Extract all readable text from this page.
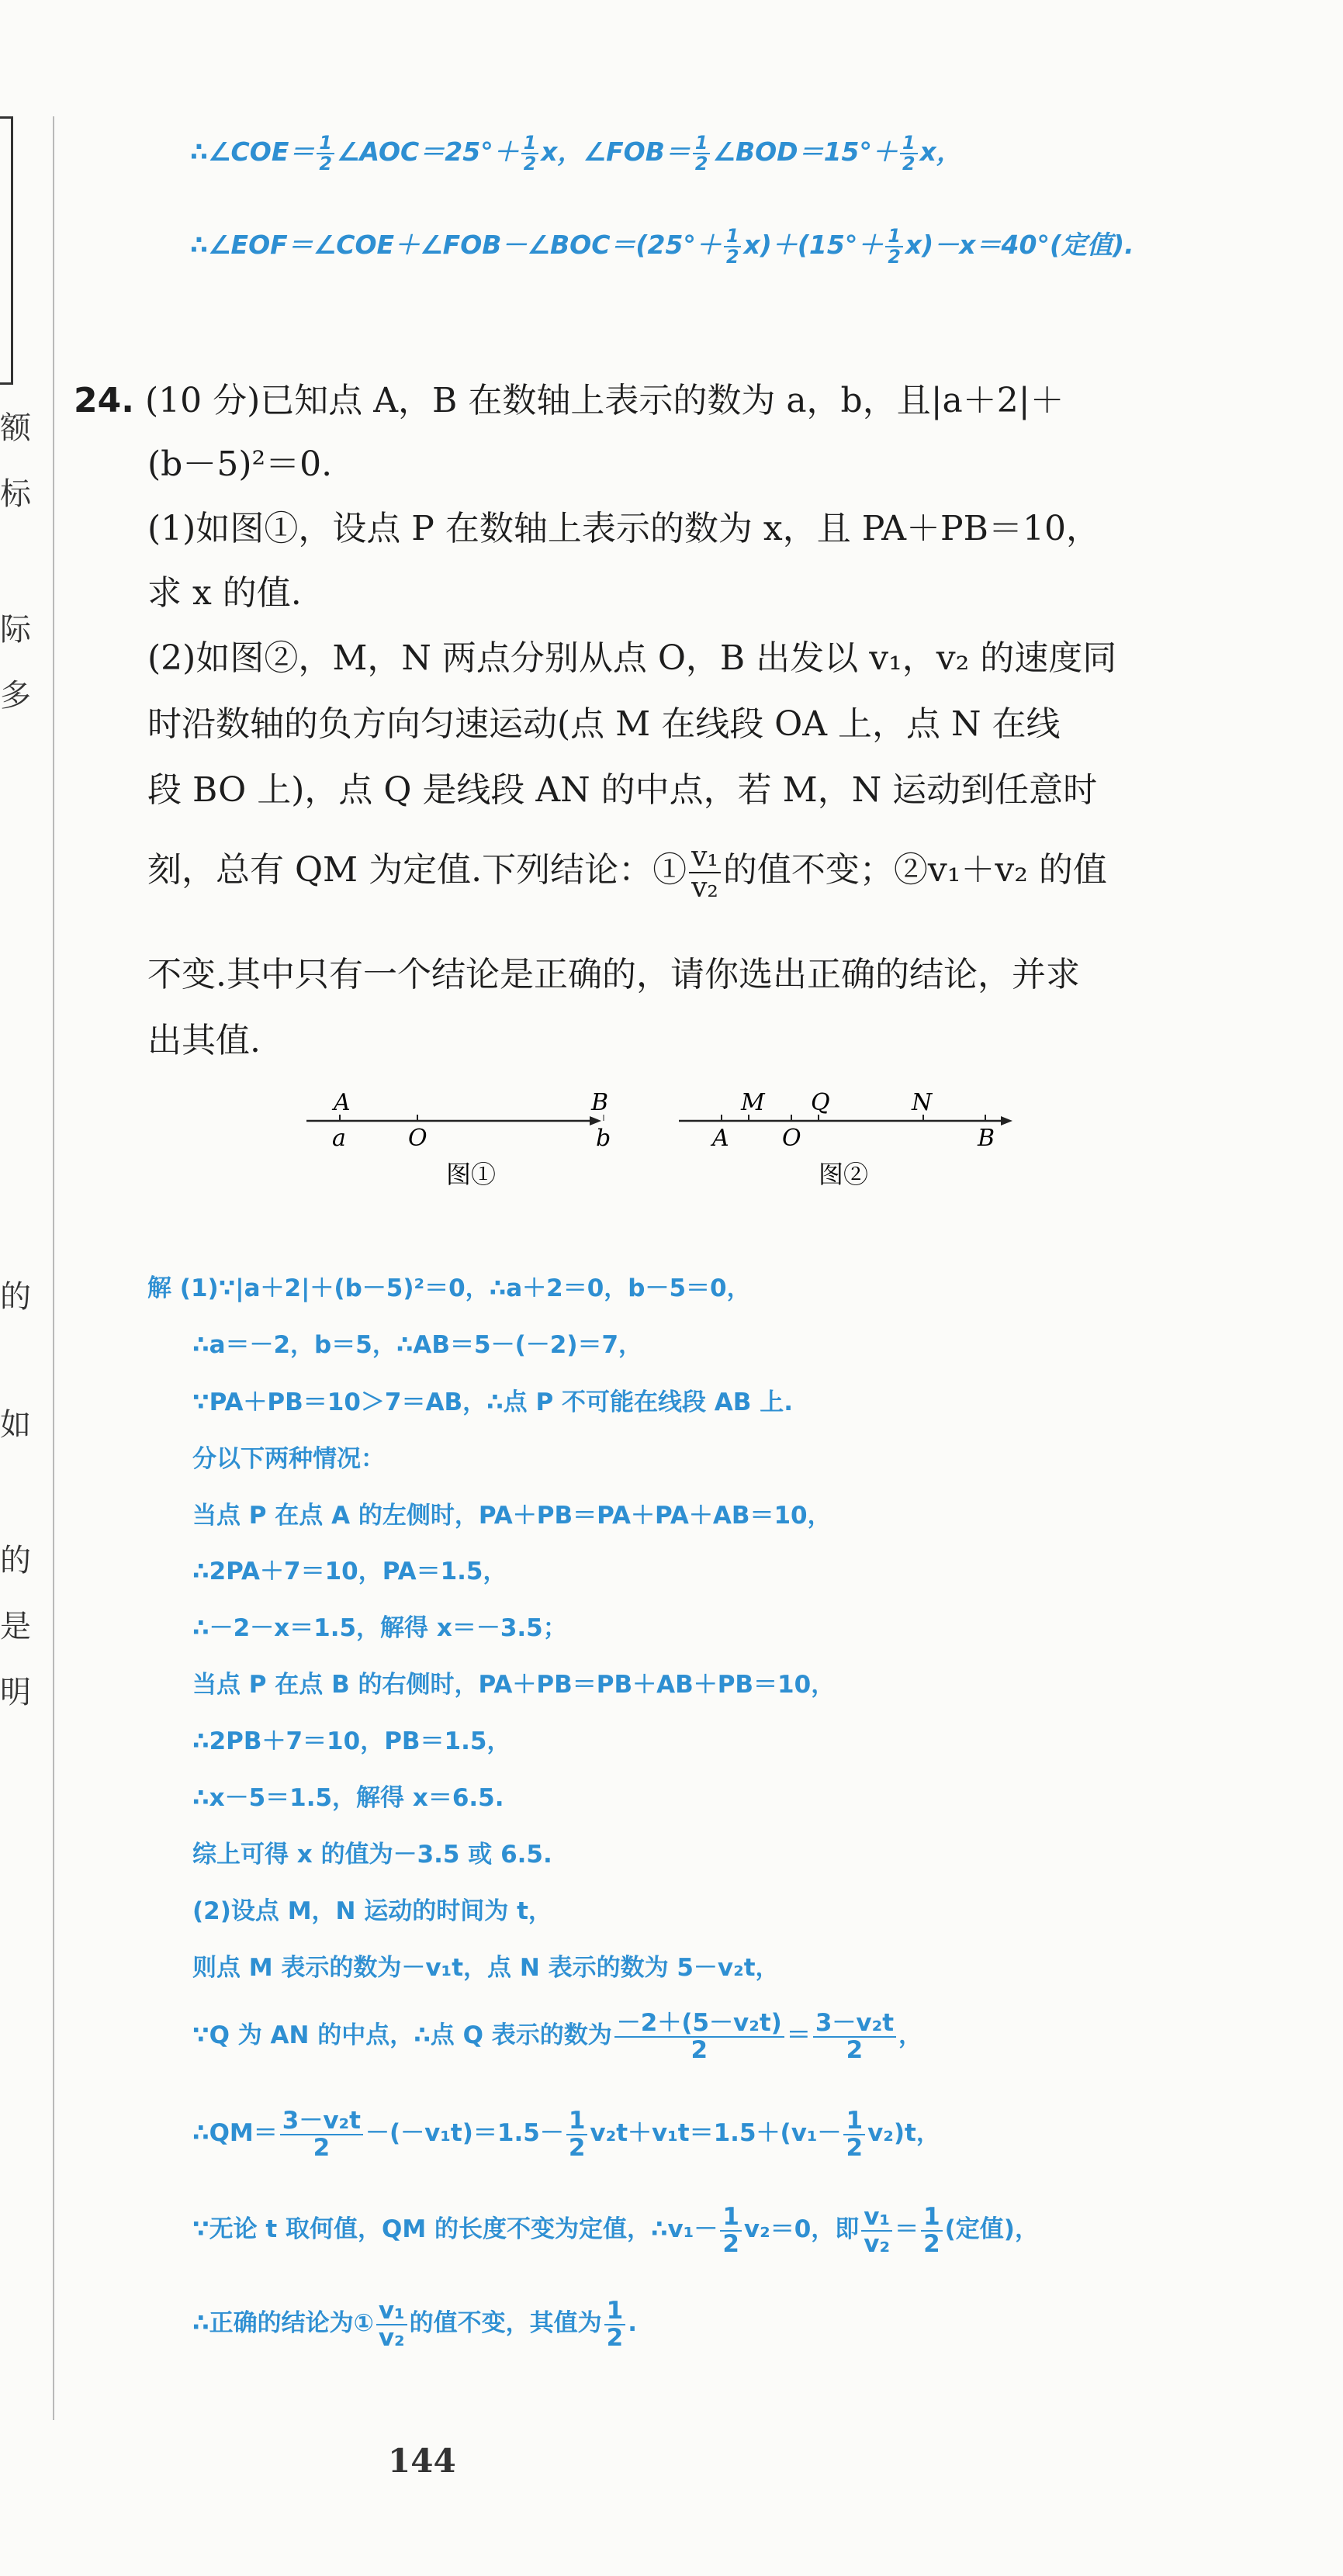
额
标
际
多
的
如
的
是
明
∴∠COE＝ $\frac{1}{2}$ ∠AOC＝25°＋ $\frac{1}{2}$ x，∠FOB＝ $\frac{1}{2}$ ∠BOD＝15°＋ $\frac{1}{2}$ x，
∴∠EOF＝∠COE＋∠FOB－∠BOC＝(25°＋ $\frac{1}{2} x)+(15^\circ+ \frac{1}{2} x)-x=40^\circ$(定值).
24. (10 分)已知点 A，B 在数轴上表示的数为 a，b，且|a＋2|＋
(b－5)²＝0.
(1)如图①，设点 P 在数轴上表示的数为 x，且 PA＋PB＝10，
求 x 的值.
(2)如图②，M，N 两点分别从点 O，B 出发以 v₁，v₂ 的速度同
时沿数轴的负方向匀速运动(点 M 在线段 OA 上，点 N 在线
段 BO 上)，点 Q 是线段 AN 的中点，若 M，N 运动到任意时
刻，总有 QM 为定值.下列结论：① $\frac{\text{v₁}}{\text{v₂}}$ 的值不变；②v₁＋v₂ 的值
不变.其中只有一个结论是正确的，请你选出正确的结论，并求
出其值.
A	B
a	O	b
图①
M Q	N
A O	B
图②
解 (1)∵|a＋2|＋(b－5)²＝0，∴a＋2＝0，b－5＝0，
∴a＝－2，b＝5，∴AB＝5－(－2)＝7，
∵PA＋PB＝10＞7＝AB，∴点 P 不可能在线段 AB 上.
分以下两种情况：
当点 P 在点 A 的左侧时，PA＋PB＝PA＋PA＋AB＝10，
∴2PA＋7＝10，PA＝1.5，
∴－2－x＝1.5，解得 x＝－3.5；
当点 P 在点 B 的右侧时，PA＋PB＝PB＋AB＋PB＝10，
∴2PB＋7＝10，PB＝1.5，
∴x－5＝1.5，解得 x＝6.5.
综上可得 x 的值为－3.5 或 6.5.
(2)设点 M，N 运动的时间为 t，
则点 M 表示的数为－v₁t，点 N 表示的数为 5－v₂t，
∵Q 为 AN 的中点，∴点 Q 表示的数为 $\frac{\text{－2＋(5－v₂t)}}{2} = \frac{\text{3－v₂t}}{2}$ ，
∴QM＝ $\frac{\text{3－v₂t}}{2} -(-v_1t)=1.5- \frac{1}{2} v_2t+v_1t=1.5+(v_1- \frac{1}{2} v_2)t$，
∵无论 t 取何值，QM 的长度不变为定值，∴v₁－ $\frac{1}{2} v_2=0$，即 $\frac{\text{v₁}}{\text{v₂}} = \frac{1}{2}$ (定值)，
∴正确的结论为① $\frac{\text{v₁}}{\text{v₂}}$ 的值不变，其值为 $\frac{1}{2}$ .
144
